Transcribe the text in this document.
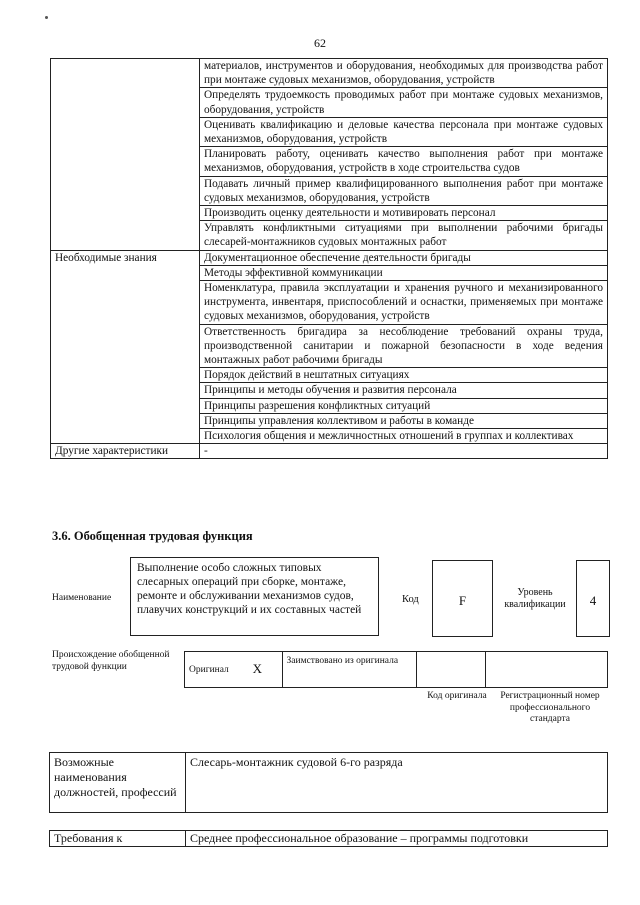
62
	материалов, инструментов и оборудования, необходимых для производства работ при монтаже судовых механизмов, оборудования, устройств
	Определять трудоемкость проводимых работ при монтаже судовых механизмов, оборудования, устройств
	Оценивать квалификацию и деловые качества персонала при монтаже судовых механизмов, оборудования, устройств
	Планировать работу, оценивать качество выполнения работ при монтаже механизмов, оборудования, устройств в ходе строительства судов
	Подавать личный пример квалифицированного выполнения работ при монтаже судовых механизмов, оборудования, устройств
	Производить оценку деятельности и мотивировать персонал
	Управлять конфликтными ситуациями при выполнении рабочими бригады слесарей-монтажников судовых монтажных работ
Необходимые знания	Документационное обеспечение деятельности бригады
	Методы эффективной коммуникации
	Номенклатура, правила эксплуатации и хранения ручного и механизированного инструмента, инвентаря, приспособлений и оснастки, применяемых при монтаже судовых механизмов, оборудования, устройств
	Ответственность бригадира за несоблюдение требований охраны труда, производственной санитарии и пожарной безопасности в ходе ведения монтажных работ рабочими бригады
	Порядок действий в нештатных ситуациях
	Принципы и методы обучения и развития персонала
	Принципы разрешения конфликтных ситуаций
	Принципы управления коллективом и работы в команде
	Психология общения и межличностных отношений в группах и коллективах
Другие характеристики	-
3.6. Обобщенная трудовая функция
Наименование
Выполнение особо сложных типовых слесарных операций при сборке, монтаже, ремонте и обслуживании механизмов судов, плавучих конструкций и их составных частей
Код	F
Уровень квалификации	4
Происхождение обобщенной трудовой функции	Оригинал	X	Заимствовано из оригинала		
Код оригинала Регистрационный номер профессионального стандарта
Возможные наименования должностей, профессий	Слесарь-монтажник судовой 6-го разряда
Требования к	Среднее профессиональное образование – программы подготовки
